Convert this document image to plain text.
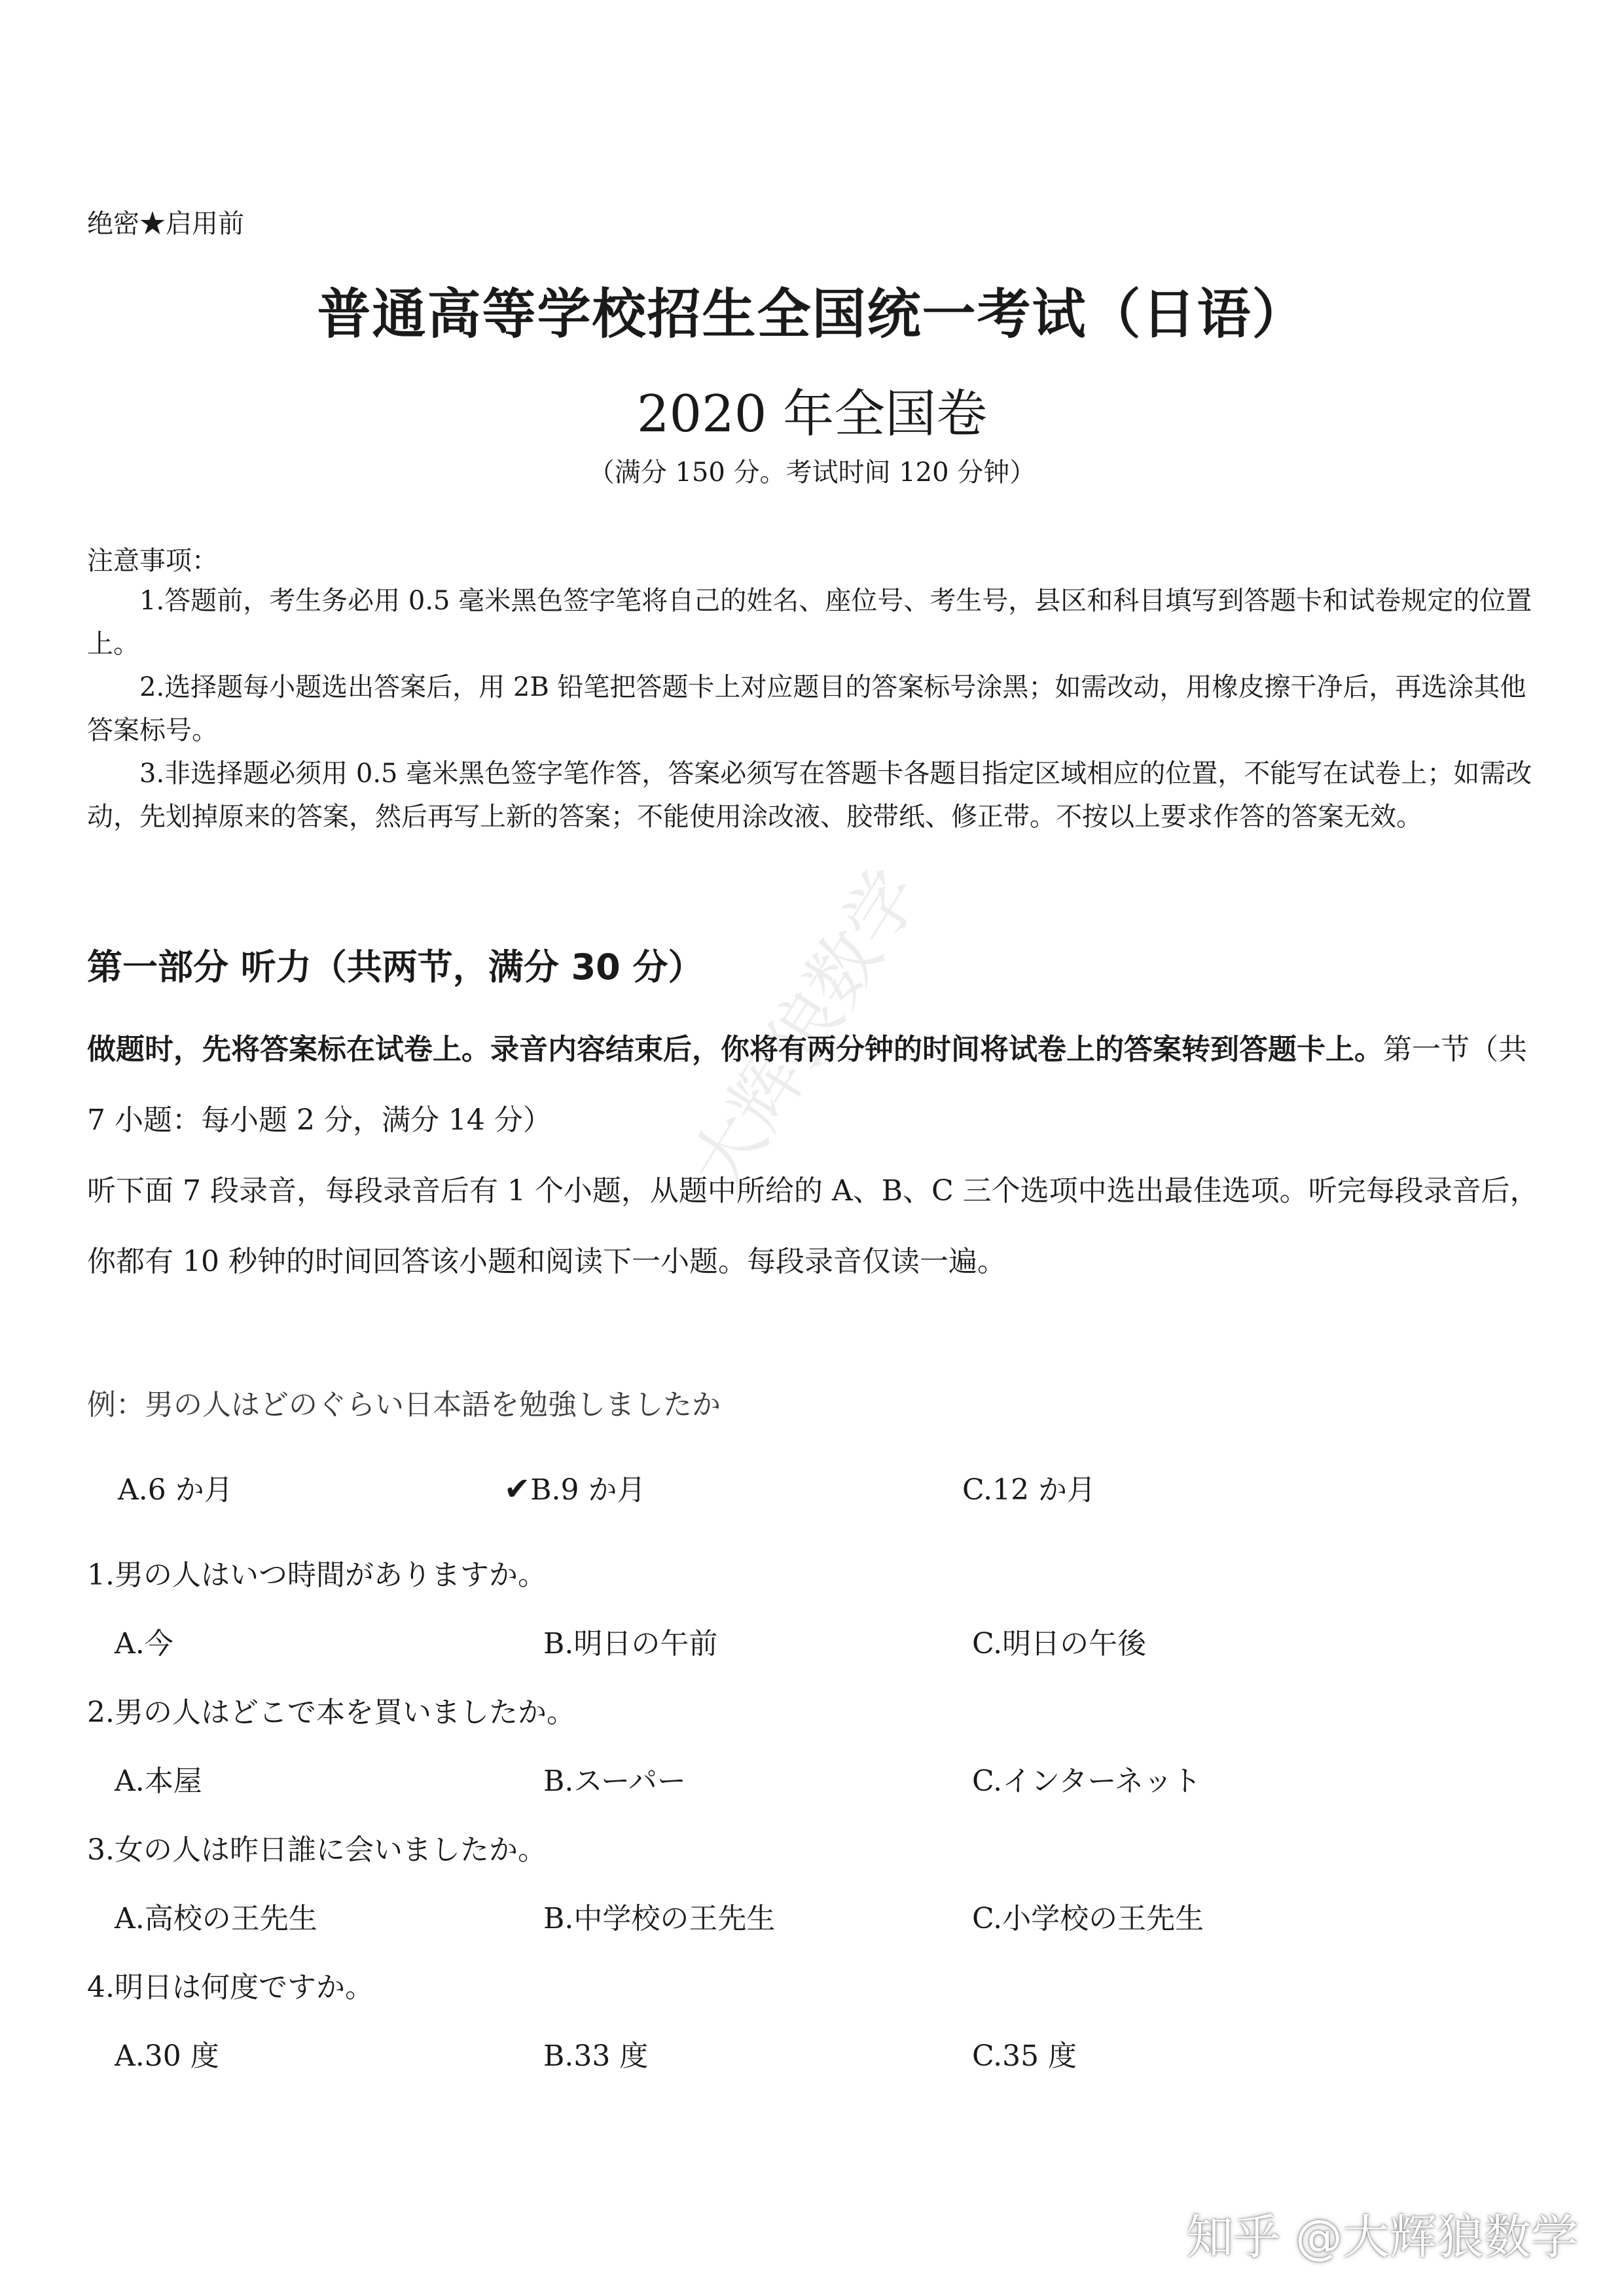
绝密★启用前
普通高等学校招生全国统一考试（日语）
2020 年全国卷
（满分 150 分。考试时间 120 分钟）
注意事项：
1.答题前，考生务必用 0.5 毫米黑色签字笔将自己的姓名、座位号、考生号，县区和科目填写到答题卡和试卷规定的位置上。
2.选择题每小题选出答案后，用 2B 铅笔把答题卡上对应题目的答案标号涂黑；如需改动，用橡皮擦干净后，再选涂其他答案标号。
3.非选择题必须用 0.5 毫米黑色签字笔作答，答案必须写在答题卡各题目指定区域相应的位置，不能写在试卷上；如需改动，先划掉原来的答案，然后再写上新的答案；不能使用涂改液、胶带纸、修正带。不按以上要求作答的答案无效。
第一部分 听力（共两节，满分 30 分）
做题时，先将答案标在试卷上。录音内容结束后，你将有两分钟的时间将试卷上的答案转到答题卡上。第一节（共 7 小题：每小题 2 分，满分 14 分）
听下面 7 段录音，每段录音后有 1 个小题，从题中所给的 A、B、C 三个选项中选出最佳选项。听完每段录音后，你都有 10 秒钟的时间回答该小题和阅读下一小题。每段录音仅读一遍。
例：男の人はどのぐらい日本語を勉強しましたか
A.6 か月	✔B.9 か月	C.12 か月
1.男の人はいつ時間がありますか。
A.今	B.明日の午前	C.明日の午後
2.男の人はどこで本を買いましたか。
A.本屋	B.スーパー	C.インターネット
3.女の人は昨日誰に会いましたか。
A.高校の王先生	B.中学校の王先生	C.小学校の王先生
4.明日は何度ですか。
A.30 度	B.33 度	C.35 度
大辉狼数学
知乎 @大辉狼数学
